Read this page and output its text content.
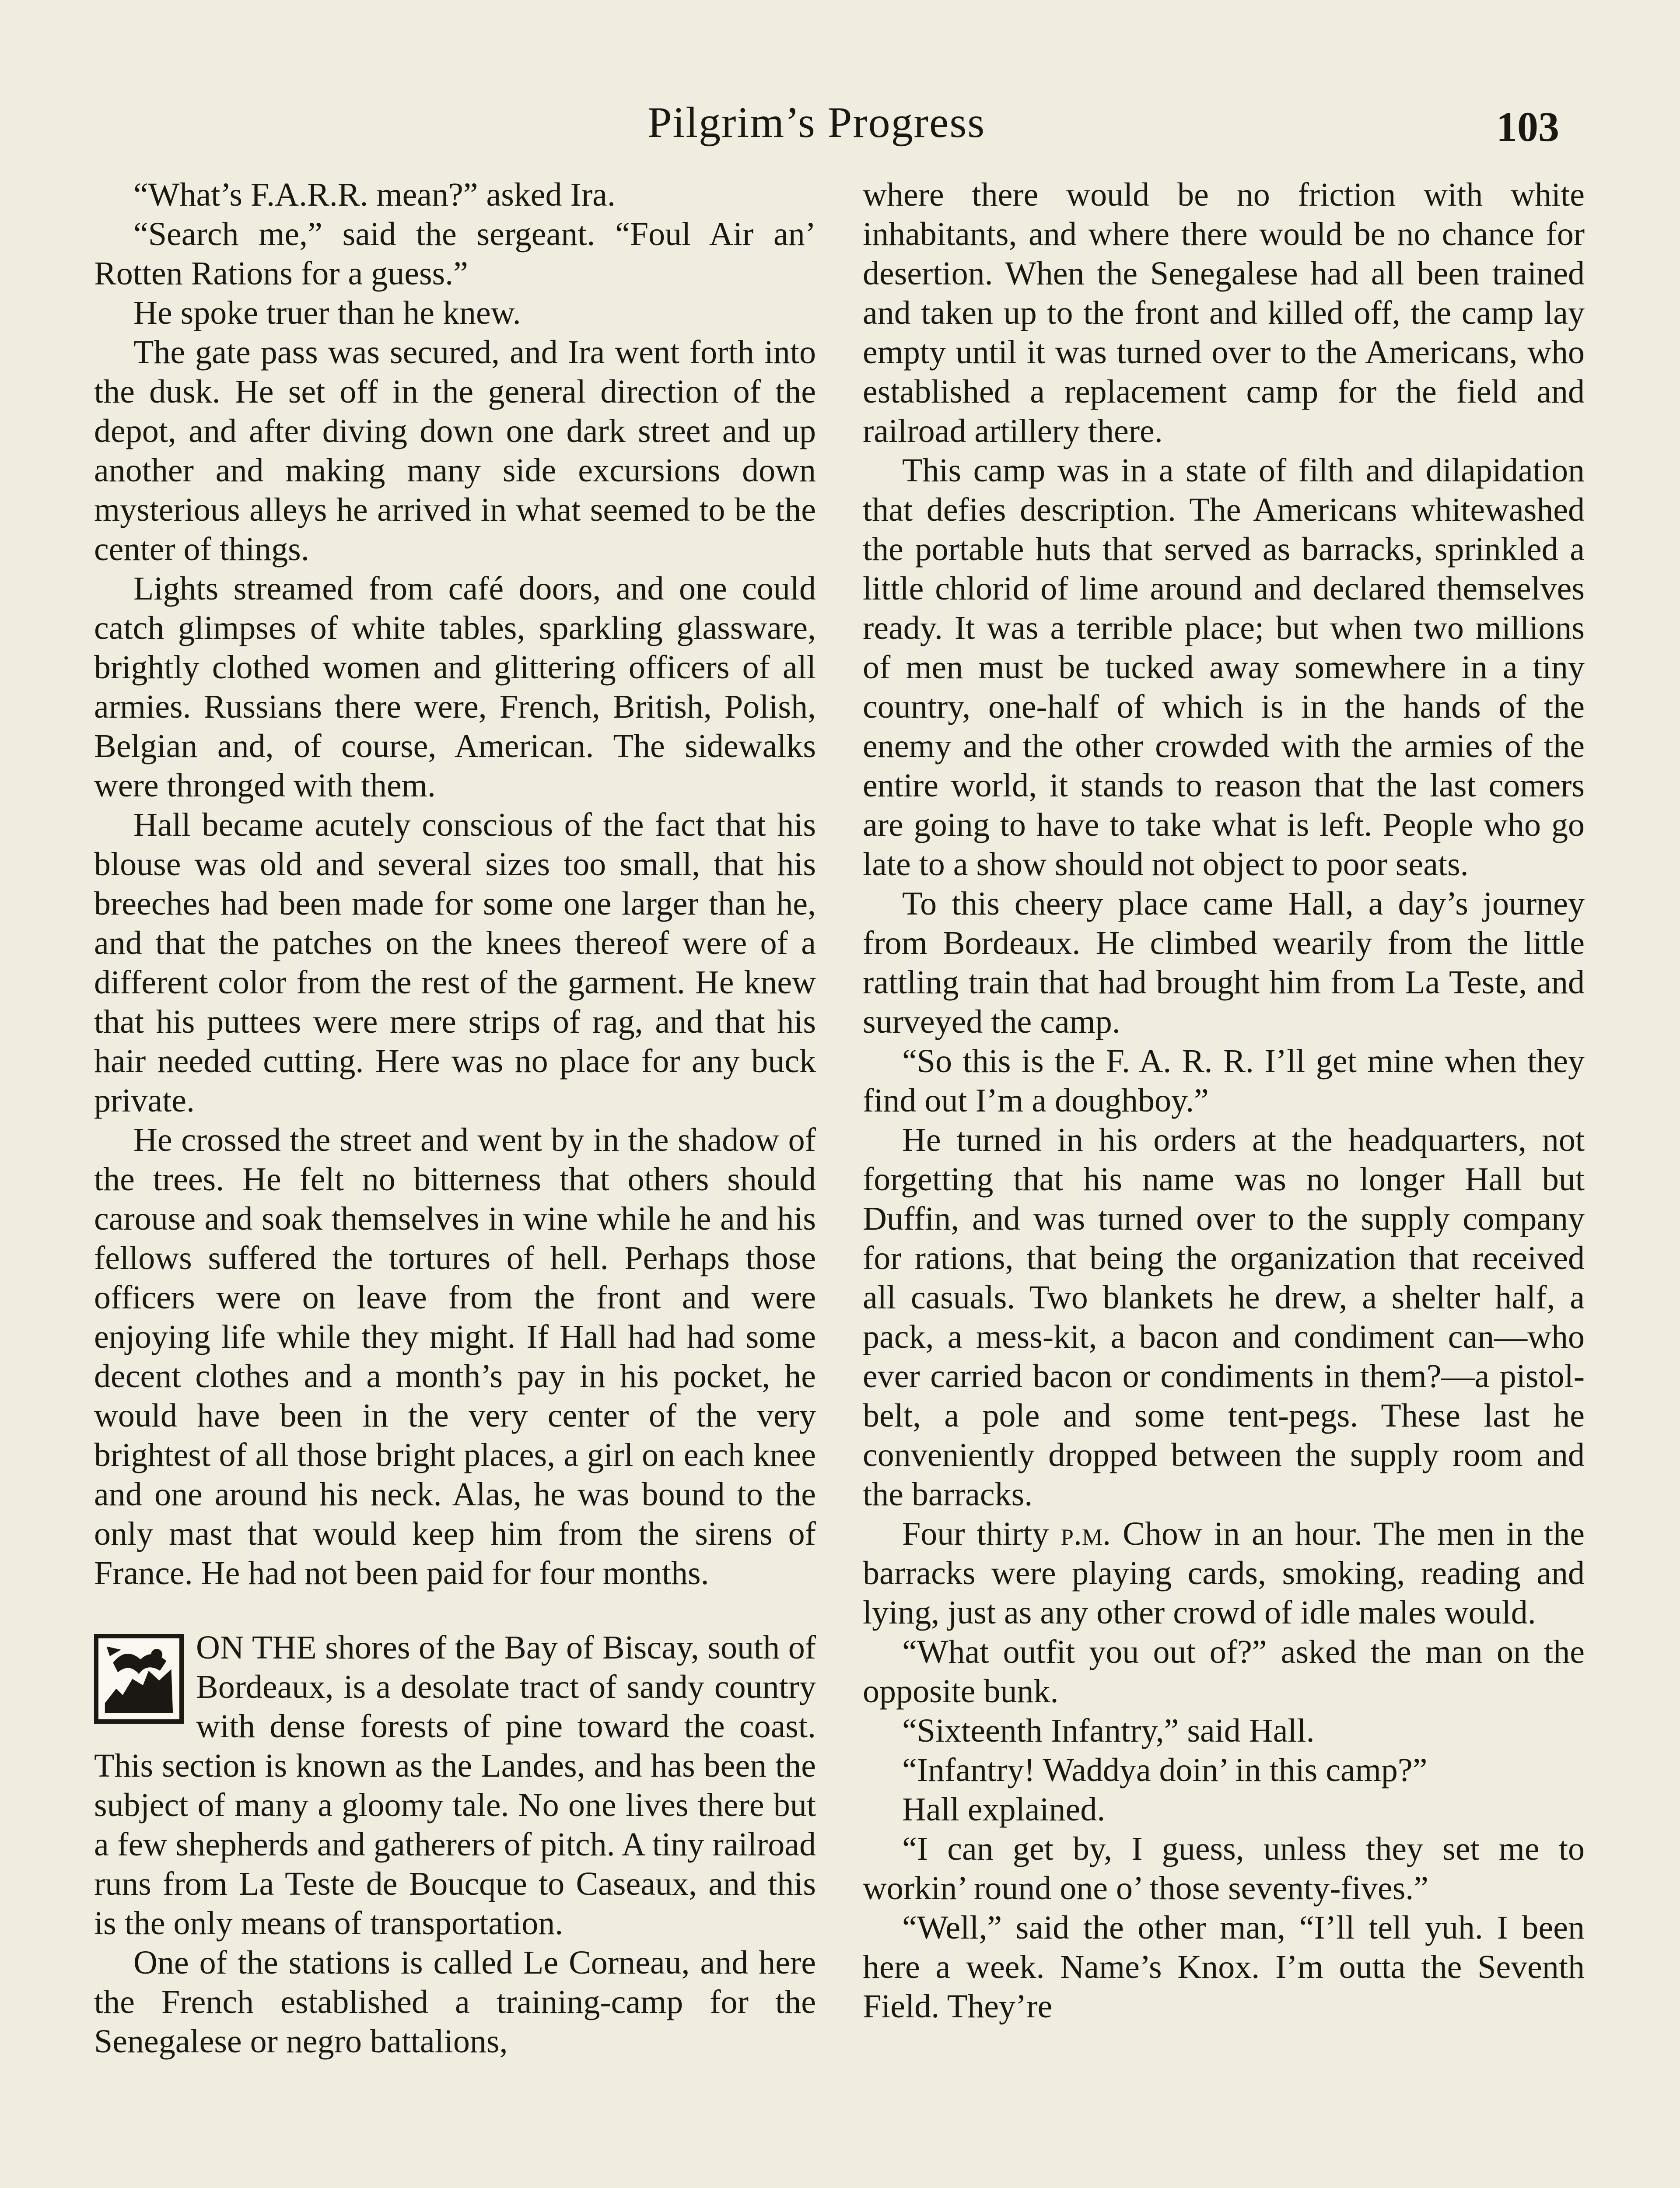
Pilgrim’s Progress	103

“What’s F.A.R.R. mean?” asked Ira.

“Search me,” said the sergeant. “Foul Air an’ Rotten Rations for a guess.”

He spoke truer than he knew.

The gate pass was secured, and Ira went forth into the dusk. He set off in the general direction of the depot, and after diving down one dark street and up another and making many side excursions down mysterious alleys he arrived in what seemed to be the center of things.

Lights streamed from café doors, and one could catch glimpses of white tables, sparkling glassware, brightly clothed women and glittering officers of all armies. Russians there were, French, British, Polish, Belgian and, of course, American. The sidewalks were thronged with them.

Hall became acutely conscious of the fact that his blouse was old and several sizes too small, that his breeches had been made for some one larger than he, and that the patches on the knees thereof were of a different color from the rest of the garment. He knew that his puttees were mere strips of rag, and that his hair needed cutting. Here was no place for any buck private.

He crossed the street and went by in the shadow of the trees. He felt no bitterness that others should carouse and soak themselves in wine while he and his fellows suffered the tortures of hell. Perhaps those officers were on leave from the front and were enjoying life while they might. If Hall had had some decent clothes and a month’s pay in his pocket, he would have been in the very center of the very brightest of all those bright places, a girl on each knee and one around his neck. Alas, he was bound to the only mast that would keep him from the sirens of France. He had not been paid for four months.

ON THE shores of the Bay of Biscay, south of Bordeaux, is a desolate tract of sandy country with dense forests of pine toward the coast. This section is known as the Landes, and has been the subject of many a gloomy tale. No one lives there but a few shepherds and gatherers of pitch. A tiny railroad runs from La Teste de Boucque to Caseaux, and this is the only means of transportation.

One of the stations is called Le Corneau, and here the French established a training-camp for the Senegalese or negro battalions,

where there would be no friction with white inhabitants, and where there would be no chance for desertion. When the Senegalese had all been trained and taken up to the front and killed off, the camp lay empty until it was turned over to the Americans, who established a replacement camp for the field and railroad artillery there.

This camp was in a state of filth and dilapidation that defies description. The Americans whitewashed the portable huts that served as barracks, sprinkled a little chlorid of lime around and declared themselves ready. It was a terrible place; but when two millions of men must be tucked away somewhere in a tiny country, one-half of which is in the hands of the enemy and the other crowded with the armies of the entire world, it stands to reason that the last comers are going to have to take what is left. People who go late to a show should not object to poor seats.

To this cheery place came Hall, a day’s journey from Bordeaux. He climbed wearily from the little rattling train that had brought him from La Teste, and surveyed the camp.

“So this is the F. A. R. R. I’ll get mine when they find out I’m a doughboy.”

He turned in his orders at the headquarters, not forgetting that his name was no longer Hall but Duffin, and was turned over to the supply company for rations, that being the organization that received all casuals. Two blankets he drew, a shelter half, a pack, a mess-kit, a bacon and condiment can—who ever carried bacon or condiments in them?—a pistol-belt, a pole and some tent-pegs. These last he conveniently dropped between the supply room and the barracks.

Four thirty p.m. Chow in an hour. The men in the barracks were playing cards, smoking, reading and lying, just as any other crowd of idle males would.

“What outfit you out of?” asked the man on the opposite bunk.

“Sixteenth Infantry,” said Hall.

“Infantry! Waddya doin’ in this camp?”

Hall explained.

“I can get by, I guess, unless they set me to workin’ round one o’ those seventy-fives.”

“Well,” said the other man, “I’ll tell yuh. I been here a week. Name’s Knox. I’m outta the Seventh Field. They’re
